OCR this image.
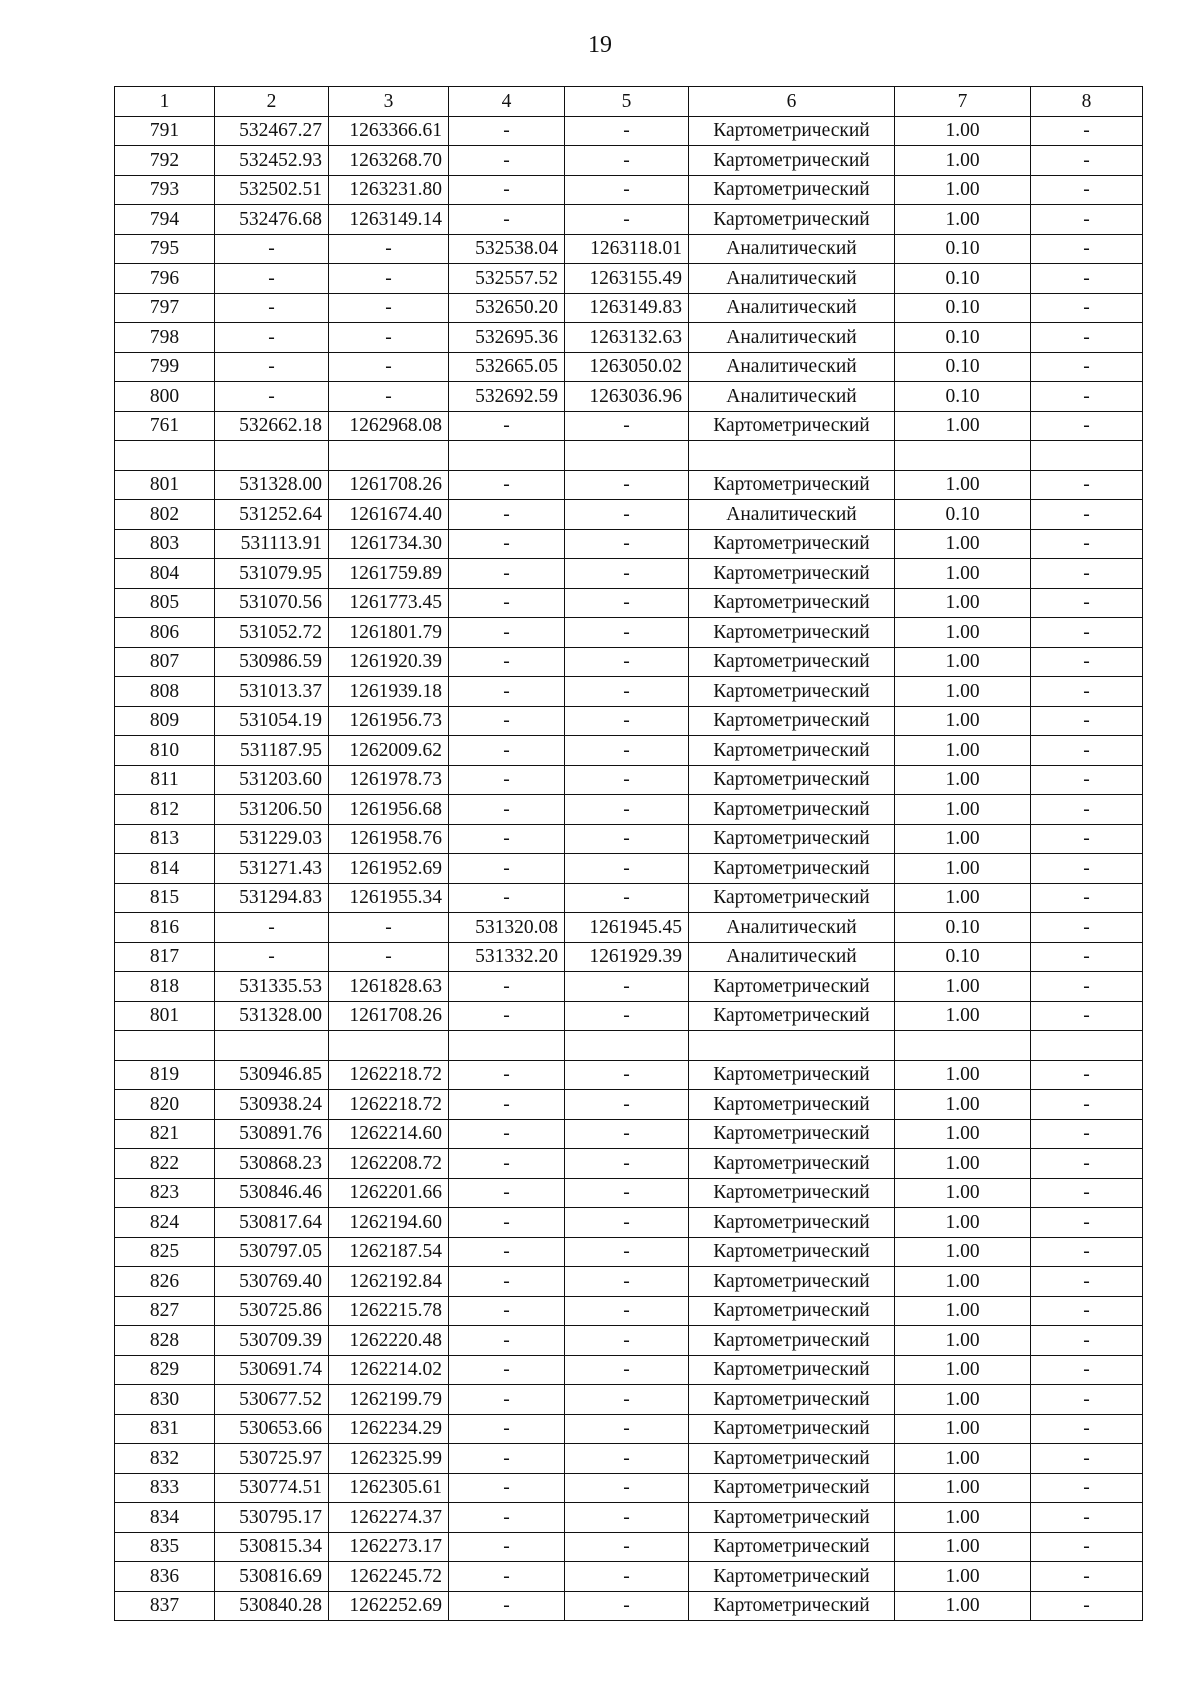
19
1	2	3	4	5	6	7	8
791	532467.27	1263366.61	-	-	Картометрический	1.00	-
792	532452.93	1263268.70	-	-	Картометрический	1.00	-
793	532502.51	1263231.80	-	-	Картометрический	1.00	-
794	532476.68	1263149.14	-	-	Картометрический	1.00	-
795	-	-	532538.04	1263118.01	Аналитический	0.10	-
796	-	-	532557.52	1263155.49	Аналитический	0.10	-
797	-	-	532650.20	1263149.83	Аналитический	0.10	-
798	-	-	532695.36	1263132.63	Аналитический	0.10	-
799	-	-	532665.05	1263050.02	Аналитический	0.10	-
800	-	-	532692.59	1263036.96	Аналитический	0.10	-
761	532662.18	1262968.08	-	-	Картометрический	1.00	-

801	531328.00	1261708.26	-	-	Картометрический	1.00	-
802	531252.64	1261674.40	-	-	Аналитический	0.10	-
803	531113.91	1261734.30	-	-	Картометрический	1.00	-
804	531079.95	1261759.89	-	-	Картометрический	1.00	-
805	531070.56	1261773.45	-	-	Картометрический	1.00	-
806	531052.72	1261801.79	-	-	Картометрический	1.00	-
807	530986.59	1261920.39	-	-	Картометрический	1.00	-
808	531013.37	1261939.18	-	-	Картометрический	1.00	-
809	531054.19	1261956.73	-	-	Картометрический	1.00	-
810	531187.95	1262009.62	-	-	Картометрический	1.00	-
811	531203.60	1261978.73	-	-	Картометрический	1.00	-
812	531206.50	1261956.68	-	-	Картометрический	1.00	-
813	531229.03	1261958.76	-	-	Картометрический	1.00	-
814	531271.43	1261952.69	-	-	Картометрический	1.00	-
815	531294.83	1261955.34	-	-	Картометрический	1.00	-
816	-	-	531320.08	1261945.45	Аналитический	0.10	-
817	-	-	531332.20	1261929.39	Аналитический	0.10	-
818	531335.53	1261828.63	-	-	Картометрический	1.00	-
801	531328.00	1261708.26	-	-	Картометрический	1.00	-

819	530946.85	1262218.72	-	-	Картометрический	1.00	-
820	530938.24	1262218.72	-	-	Картометрический	1.00	-
821	530891.76	1262214.60	-	-	Картометрический	1.00	-
822	530868.23	1262208.72	-	-	Картометрический	1.00	-
823	530846.46	1262201.66	-	-	Картометрический	1.00	-
824	530817.64	1262194.60	-	-	Картометрический	1.00	-
825	530797.05	1262187.54	-	-	Картометрический	1.00	-
826	530769.40	1262192.84	-	-	Картометрический	1.00	-
827	530725.86	1262215.78	-	-	Картометрический	1.00	-
828	530709.39	1262220.48	-	-	Картометрический	1.00	-
829	530691.74	1262214.02	-	-	Картометрический	1.00	-
830	530677.52	1262199.79	-	-	Картометрический	1.00	-
831	530653.66	1262234.29	-	-	Картометрический	1.00	-
832	530725.97	1262325.99	-	-	Картометрический	1.00	-
833	530774.51	1262305.61	-	-	Картометрический	1.00	-
834	530795.17	1262274.37	-	-	Картометрический	1.00	-
835	530815.34	1262273.17	-	-	Картометрический	1.00	-
836	530816.69	1262245.72	-	-	Картометрический	1.00	-
837	530840.28	1262252.69	-	-	Картометрический	1.00	-
